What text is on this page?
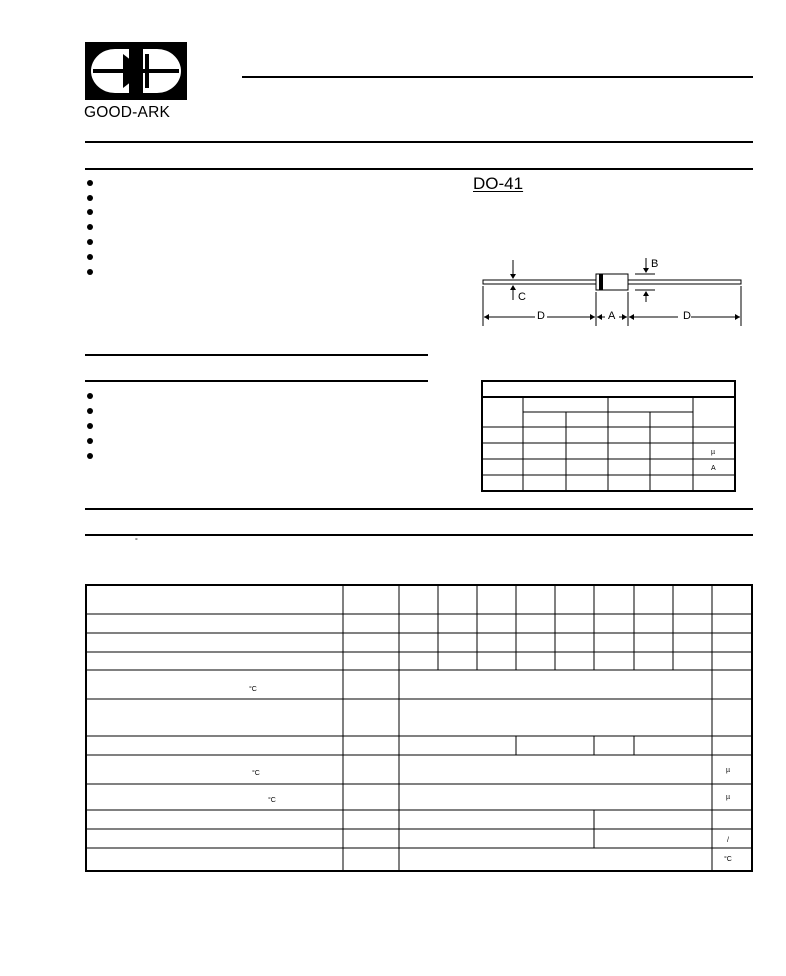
GOOD-ARK
DO-41
B
C
D	A	D
µ
A
°
°C
°C
°C
µ
µ
/
°C
